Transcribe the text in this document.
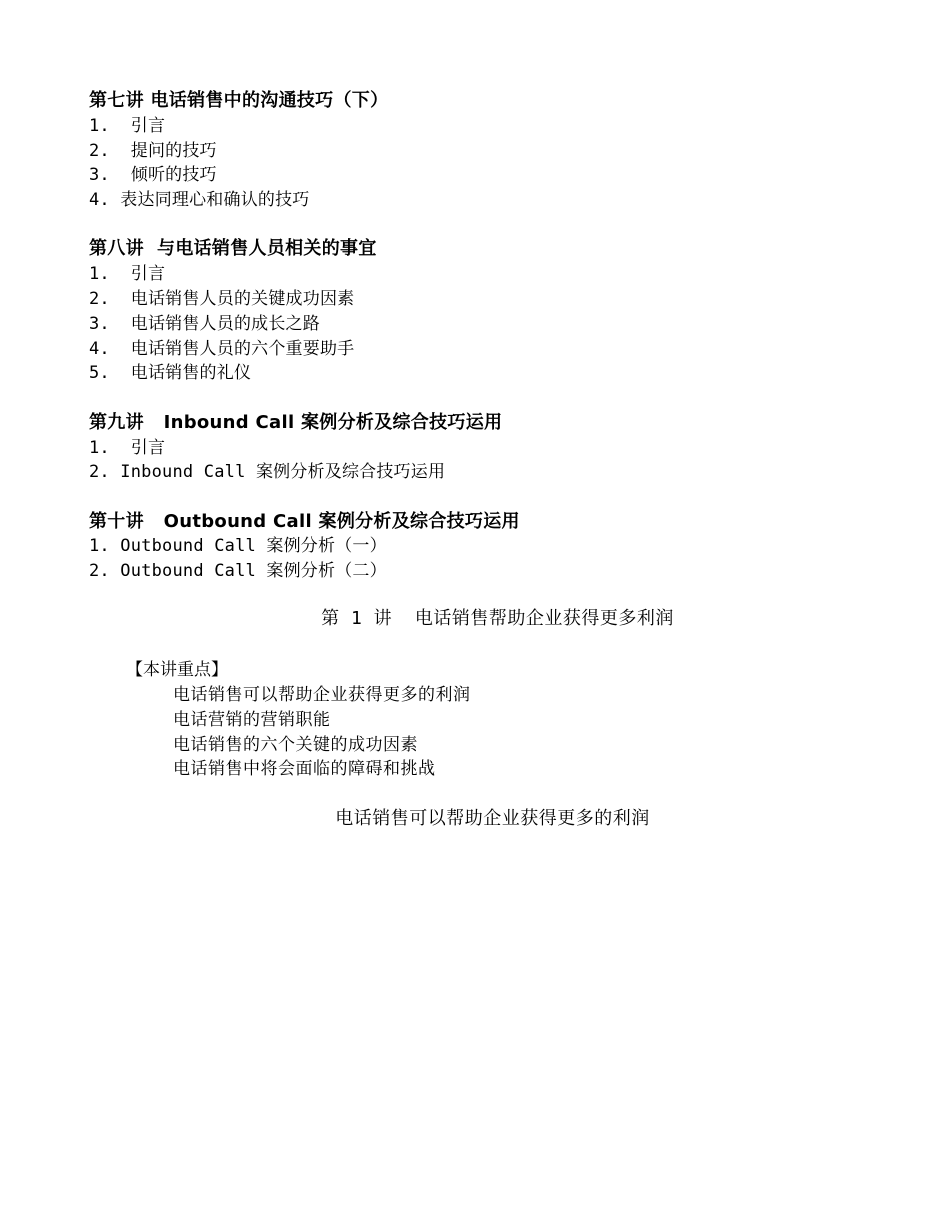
第七讲 电话销售中的沟通技巧（下）
1.  引言
2.  提问的技巧
3.  倾听的技巧
4. 表达同理心和确认的技巧
第八讲  与电话销售人员相关的事宜
1.  引言
2.  电话销售人员的关键成功因素
3.  电话销售人员的成长之路
4.  电话销售人员的六个重要助手
5.  电话销售的礼仪
第九讲   Inbound Call 案例分析及综合技巧运用
1.  引言
2. Inbound Call 案例分析及综合技巧运用
第十讲   Outbound Call 案例分析及综合技巧运用
1. Outbound Call 案例分析（一）
2. Outbound Call 案例分析（二）
第 1 讲  电话销售帮助企业获得更多利润
【本讲重点】
电话销售可以帮助企业获得更多的利润
电话营销的营销职能
电话销售的六个关键的成功因素
电话销售中将会面临的障碍和挑战
电话销售可以帮助企业获得更多的利润
